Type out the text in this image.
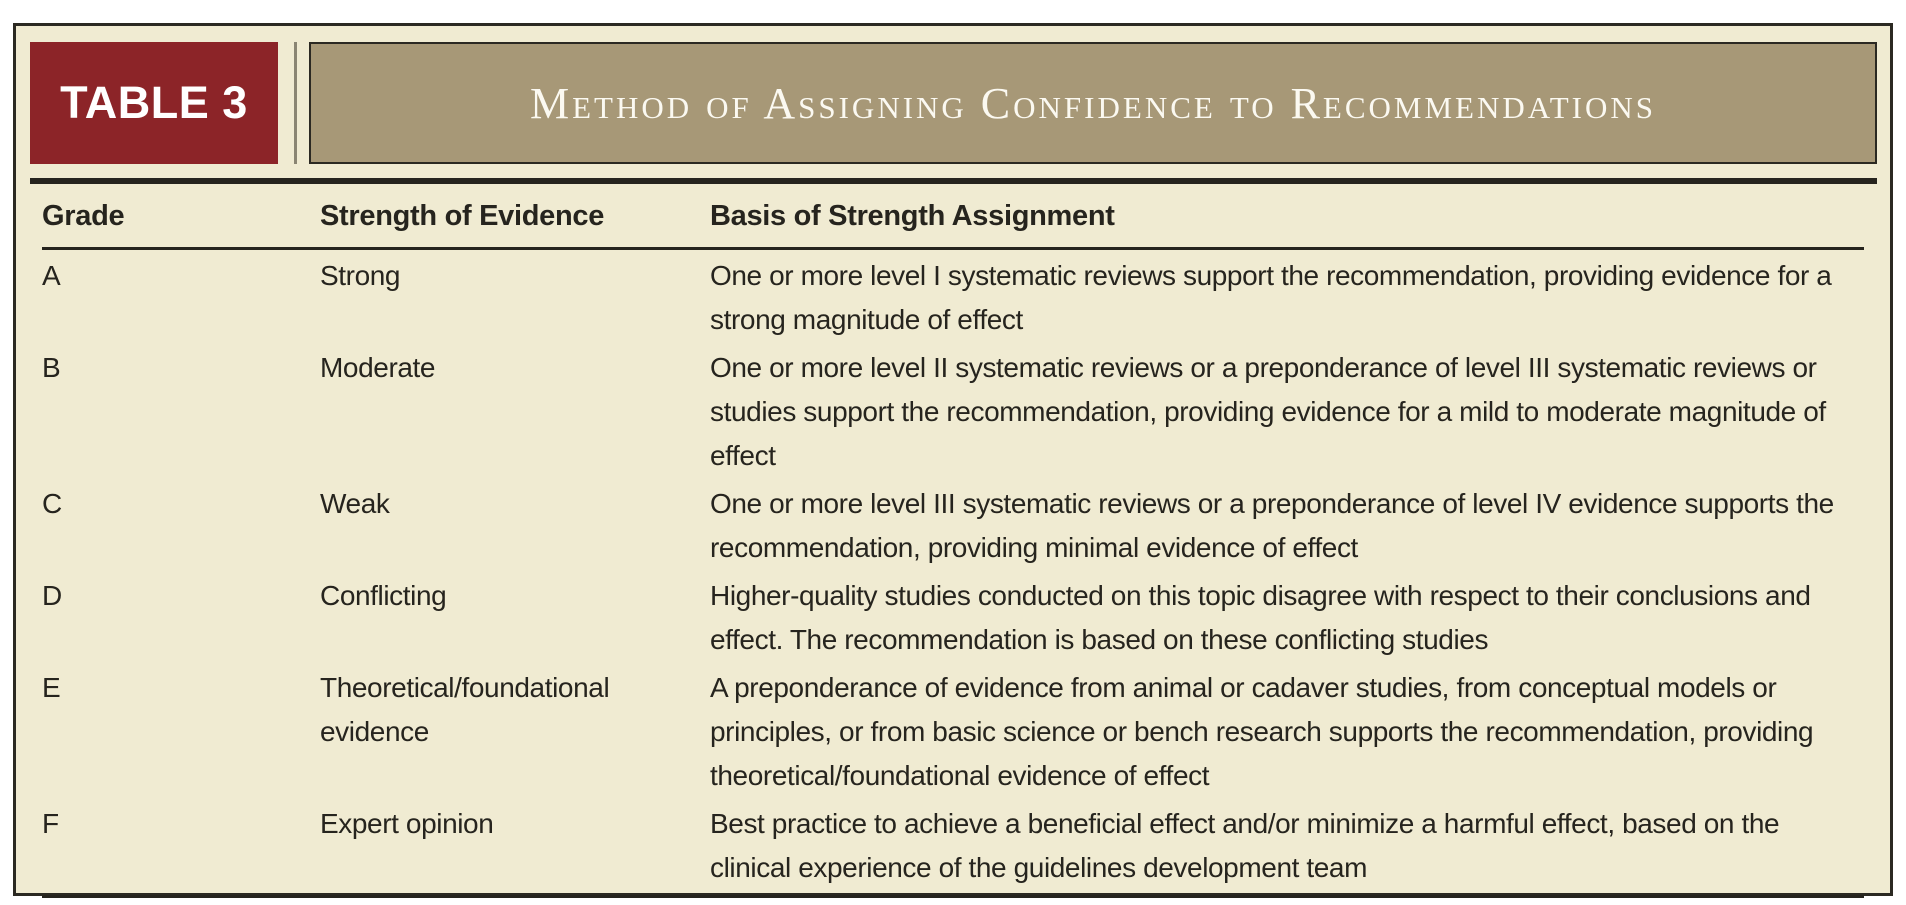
TABLE 3	Method of Assigning Confidence to Recommendations
Grade	Strength of Evidence	Basis of Strength Assignment
A	Strong	One or more level I systematic reviews support the recommendation, providing evidence for a strong magnitude of effect
B	Moderate	One or more level II systematic reviews or a preponderance of level III systematic reviews or studies support the recommendation, providing evidence for a mild to moderate magnitude of effect
C	Weak	One or more level III systematic reviews or a preponderance of level IV evidence supports the recommendation, providing minimal evidence of effect
D	Conflicting	Higher-quality studies conducted on this topic disagree with respect to their conclusions and effect. The recommendation is based on these conflicting studies
E	Theoretical/foundational evidence	A preponderance of evidence from animal or cadaver studies, from conceptual models or principles, or from basic science or bench research supports the recommendation, providing theoretical/foundational evidence of effect
F	Expert opinion	Best practice to achieve a beneficial effect and/or minimize a harmful effect, based on the clinical experience of the guidelines development team
